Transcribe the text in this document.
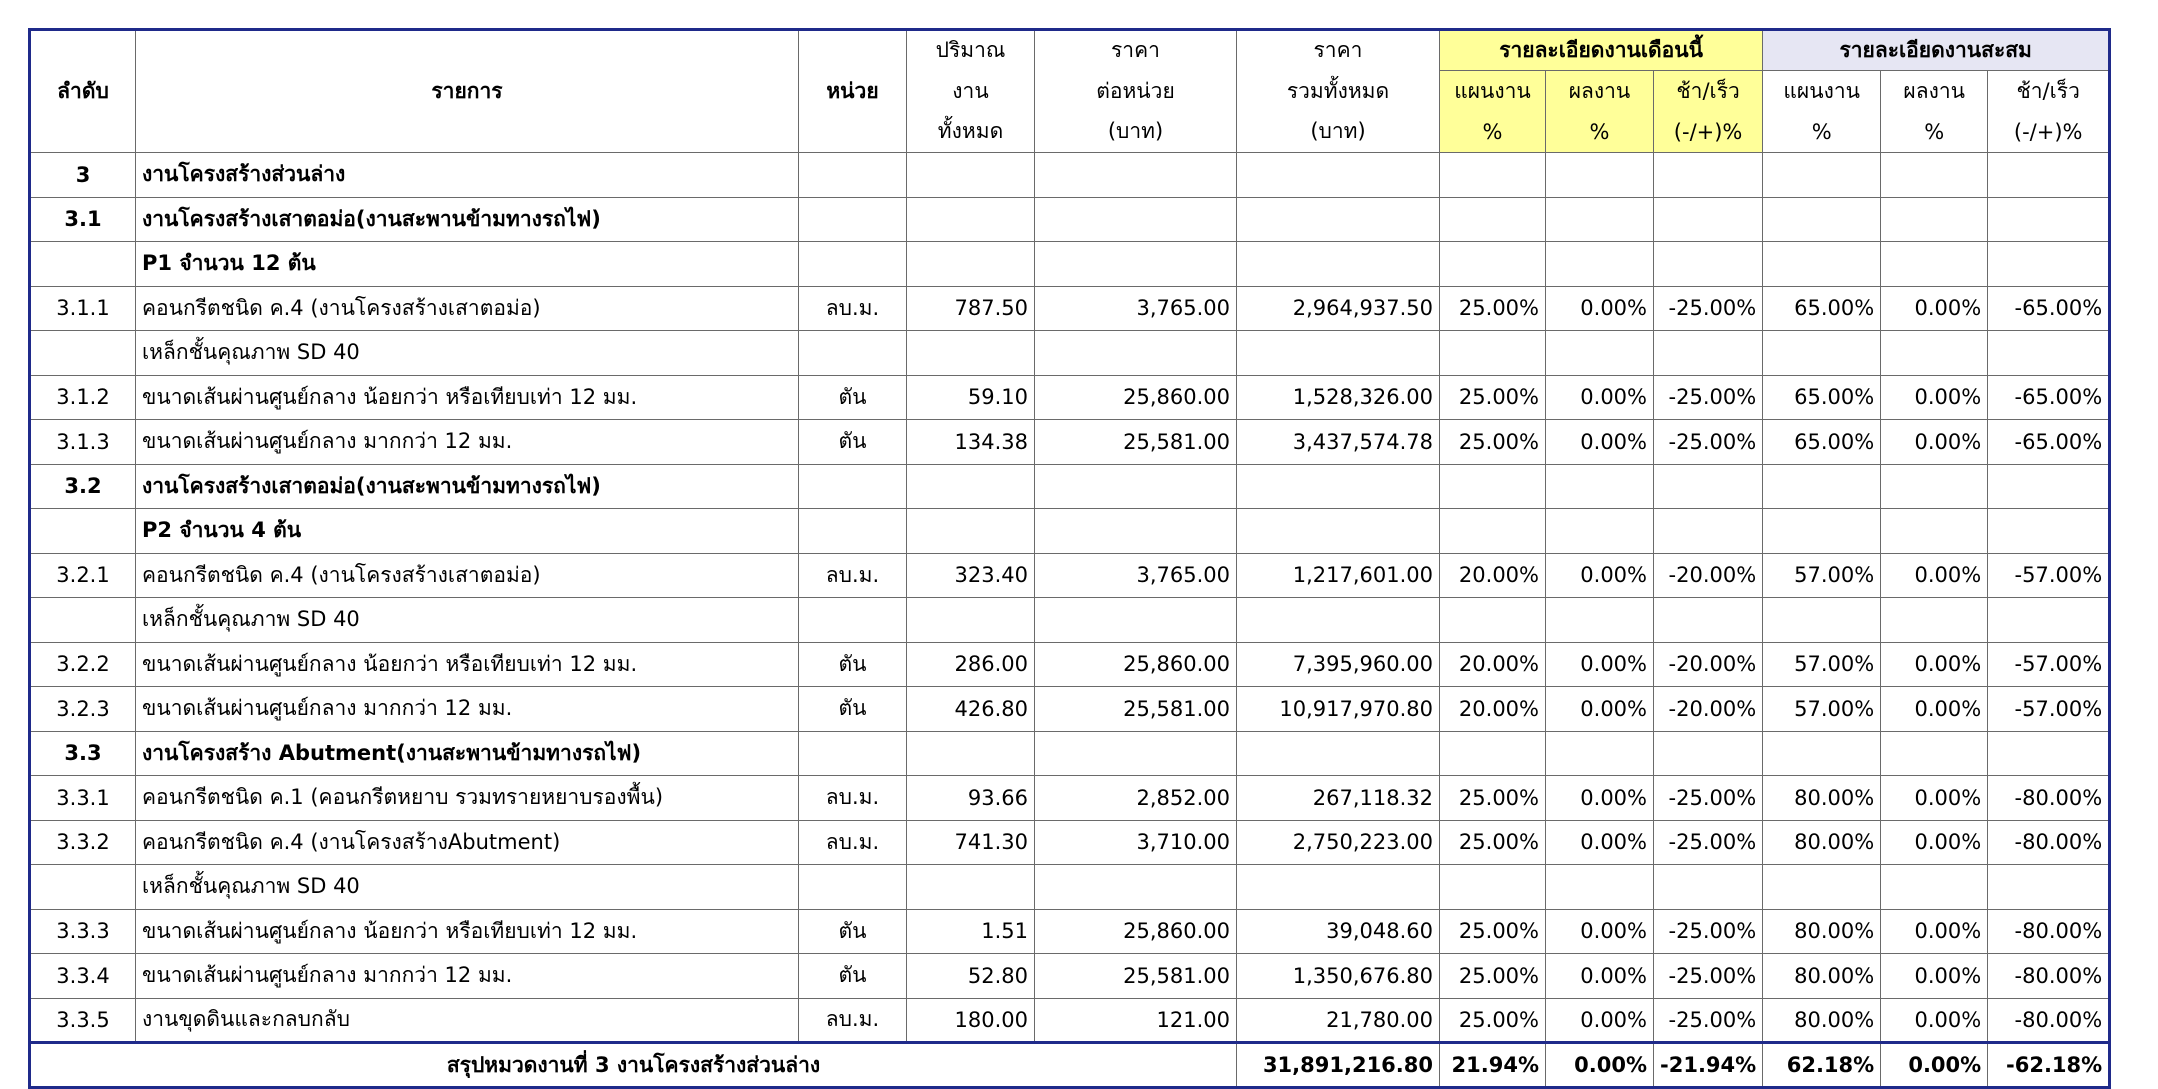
ลำดับ	รายการ	หน่วย	ปริมาณ	ราคา	ราคา	รายละเอียดงานเดือนนี้			รายละเอียดงานสะสม		
			งาน	ต่อหน่วย	รวมทั้งหมด	แผนงาน	ผลงาน	ช้า/เร็ว	แผนงาน	ผลงาน	ช้า/เร็ว
			ทั้งหมด	(บาท)	(บาท)	%	%	(-/+)%	%	%	(-/+)%
3	งานโครงสร้างส่วนล่าง										
3.1	งานโครงสร้างเสาตอม่อ(งานสะพานข้ามทางรถไฟ)										
	P1 จำนวน 12 ต้น										
3.1.1	คอนกรีตชนิด ค.4 (งานโครงสร้างเสาตอม่อ)	ลบ.ม.	787.50	3,765.00	2,964,937.50	25.00%	0.00%	-25.00%	65.00%	0.00%	-65.00%
	เหล็กชั้นคุณภาพ SD 40										
3.1.2	ขนาดเส้นผ่านศูนย์กลาง น้อยกว่า หรือเทียบเท่า 12 มม.	ตัน	59.10	25,860.00	1,528,326.00	25.00%	0.00%	-25.00%	65.00%	0.00%	-65.00%
3.1.3	ขนาดเส้นผ่านศูนย์กลาง มากกว่า 12 มม.	ตัน	134.38	25,581.00	3,437,574.78	25.00%	0.00%	-25.00%	65.00%	0.00%	-65.00%
3.2	งานโครงสร้างเสาตอม่อ(งานสะพานข้ามทางรถไฟ)										
	P2 จำนวน 4 ต้น										
3.2.1	คอนกรีตชนิด ค.4 (งานโครงสร้างเสาตอม่อ)	ลบ.ม.	323.40	3,765.00	1,217,601.00	20.00%	0.00%	-20.00%	57.00%	0.00%	-57.00%
	เหล็กชั้นคุณภาพ SD 40										
3.2.2	ขนาดเส้นผ่านศูนย์กลาง น้อยกว่า หรือเทียบเท่า 12 มม.	ตัน	286.00	25,860.00	7,395,960.00	20.00%	0.00%	-20.00%	57.00%	0.00%	-57.00%
3.2.3	ขนาดเส้นผ่านศูนย์กลาง มากกว่า 12 มม.	ตัน	426.80	25,581.00	10,917,970.80	20.00%	0.00%	-20.00%	57.00%	0.00%	-57.00%
3.3	งานโครงสร้าง Abutment(งานสะพานข้ามทางรถไฟ)										
3.3.1	คอนกรีตชนิด ค.1 (คอนกรีตหยาบ รวมทรายหยาบรองพื้น)	ลบ.ม.	93.66	2,852.00	267,118.32	25.00%	0.00%	-25.00%	80.00%	0.00%	-80.00%
3.3.2	คอนกรีตชนิด ค.4 (งานโครงสร้างAbutment)	ลบ.ม.	741.30	3,710.00	2,750,223.00	25.00%	0.00%	-25.00%	80.00%	0.00%	-80.00%
	เหล็กชั้นคุณภาพ SD 40										
3.3.3	ขนาดเส้นผ่านศูนย์กลาง น้อยกว่า หรือเทียบเท่า 12 มม.	ตัน	1.51	25,860.00	39,048.60	25.00%	0.00%	-25.00%	80.00%	0.00%	-80.00%
3.3.4	ขนาดเส้นผ่านศูนย์กลาง มากกว่า 12 มม.	ตัน	52.80	25,581.00	1,350,676.80	25.00%	0.00%	-25.00%	80.00%	0.00%	-80.00%
3.3.5	งานขุดดินและกลบกลับ	ลบ.ม.	180.00	121.00	21,780.00	25.00%	0.00%	-25.00%	80.00%	0.00%	-80.00%
สรุปหมวดงานที่ 3 งานโครงสร้างส่วนล่าง					31,891,216.80	21.94%	0.00%	-21.94%	62.18%	0.00%	-62.18%
